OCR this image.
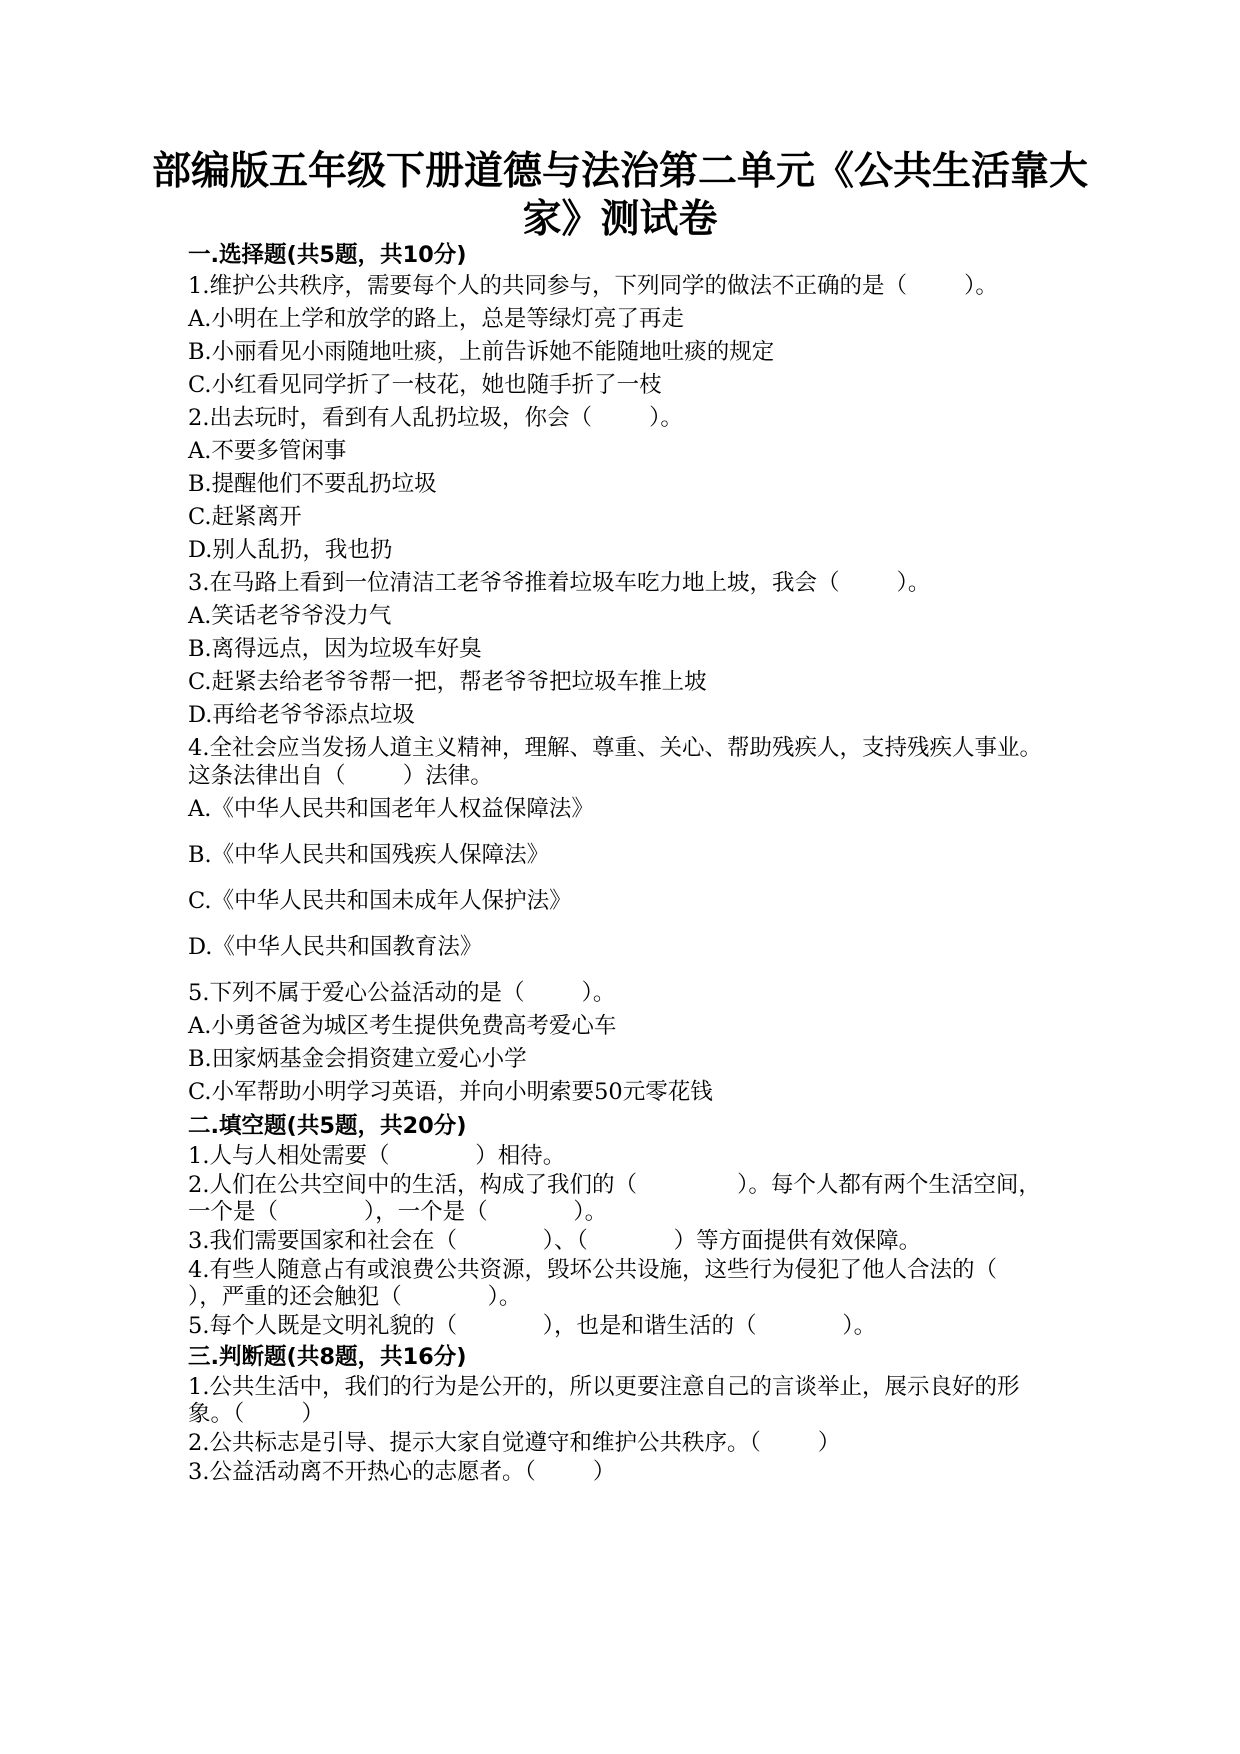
部编版五年级下册道德与法治第二单元《公共生活靠大家》测试卷
一.选择题(共5题，共10分)
1.维护公共秩序，需要每个人的共同参与，下列同学的做法不正确的是（        ）。
A.小明在上学和放学的路上，总是等绿灯亮了再走
B.小丽看见小雨随地吐痰，上前告诉她不能随地吐痰的规定
C.小红看见同学折了一枝花，她也随手折了一枝
2.出去玩时，看到有人乱扔垃圾，你会（        ）。
A.不要多管闲事
B.提醒他们不要乱扔垃圾
C.赶紧离开
D.别人乱扔，我也扔
3.在马路上看到一位清洁工老爷爷推着垃圾车吃力地上坡，我会（        ）。
A.笑话老爷爷没力气
B.离得远点，因为垃圾车好臭
C.赶紧去给老爷爷帮一把，帮老爷爷把垃圾车推上坡
D.再给老爷爷添点垃圾
4.全社会应当发扬人道主义精神，理解、尊重、关心、帮助残疾人，支持残疾人事业。这条法律出自（        ）法律。
A.《中华人民共和国老年人权益保障法》
B.《中华人民共和国残疾人保障法》
C.《中华人民共和国未成年人保护法》
D.《中华人民共和国教育法》
5.下列不属于爱心公益活动的是（        ）。
A.小勇爸爸为城区考生提供免费高考爱心车
B.田家炳基金会捐资建立爱心小学
C.小军帮助小明学习英语，并向小明索要50元零花钱
二.填空题(共5题，共20分)
1.人与人相处需要（            ）相待。
2.人们在公共空间中的生活，构成了我们的（              ）。每个人都有两个生活空间，一个是（            ），一个是（            ）。
3.我们需要国家和社会在（            ）、（            ）等方面提供有效保障。
4.有些人随意占有或浪费公共资源，毁坏公共设施，这些行为侵犯了他人合法的（            ），严重的还会触犯（            ）。
5.每个人既是文明礼貌的（            ），也是和谐生活的（            ）。
三.判断题(共8题，共16分)
1.公共生活中，我们的行为是公开的，所以更要注意自己的言谈举止，展示良好的形象。（        ）
2.公共标志是引导、提示大家自觉遵守和维护公共秩序。（        ）
3.公益活动离不开热心的志愿者。（        ）
